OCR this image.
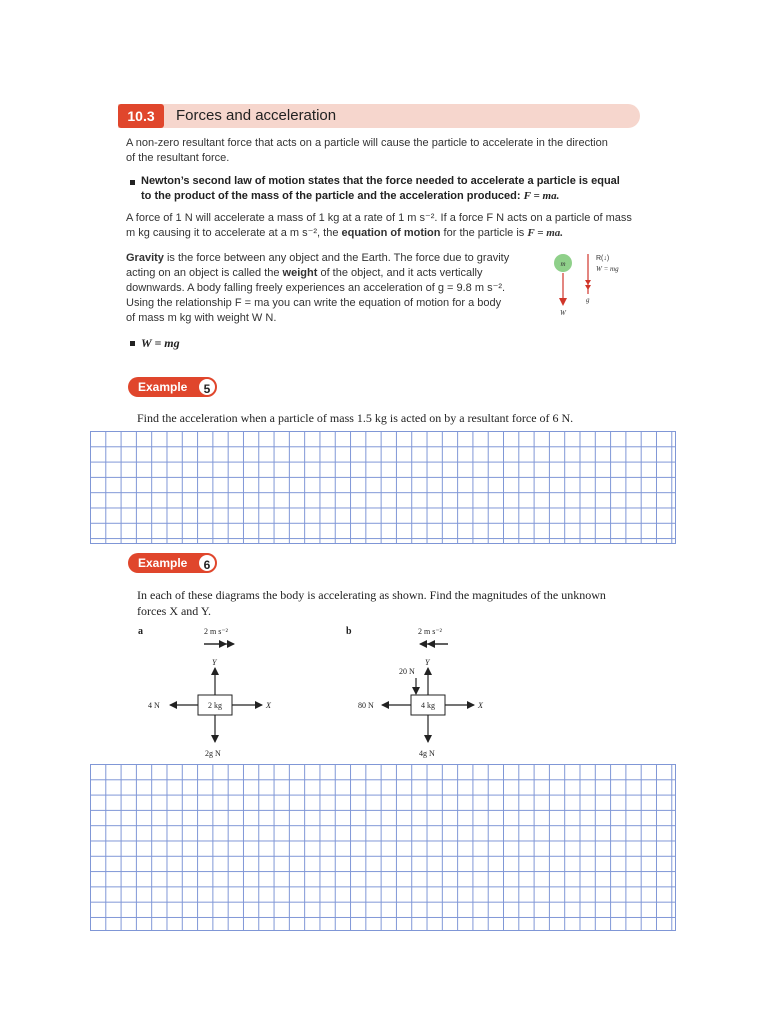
10.3	Forces and acceleration
A non-zero resultant force that acts on a particle will cause the particle to accelerate in the direction
of the resultant force.
Newton’s second law of motion states that the force needed to accelerate a particle is equal
to the product of the mass of the particle and the acceleration produced: F = ma.
A force of 1 N will accelerate a mass of 1 kg at a rate of 1 m s⁻². If a force F N acts on a particle of mass
m kg causing it to accelerate at a m s⁻², the equation of motion for the particle is F = ma.
Gravity is the force between any object and the Earth. The force due to gravity
acting on an object is called the weight of the object, and it acts vertically
downwards. A body falling freely experiences an acceleration of g = 9.8 m s⁻².
Using the relationship F = ma you can write the equation of motion for a body
of mass m kg with weight W N.
m
W
R(↓)
W = mg
g
W = mg
Example	5
Find the acceleration when a particle of mass 1.5 kg is acted on by a resultant force of 6 N.
Example	6
In each of these diagrams the body is accelerating as shown. Find the magnitudes of the unknown
forces X and Y.
a	2 m s⁻²
2 kg
Y
2g N
4 N	X
b	2 m s⁻²
4 kg
Y
20 N
4g N
80 N	X
